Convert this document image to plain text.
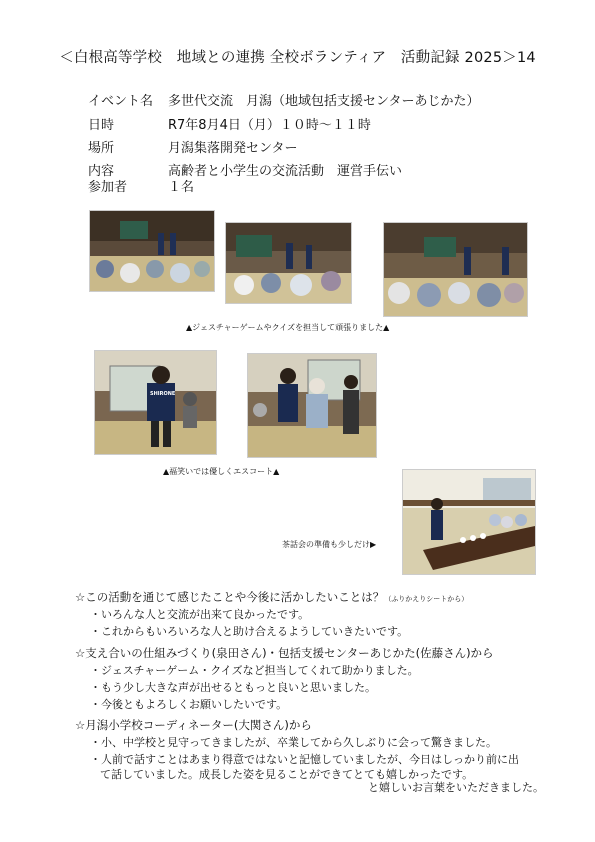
＜白根高等学校　地域との連携 全校ボランティア　活動記録 2025＞14
イベント名 多世代交流　月潟（地域包括支援センターあじかた）
日時	R7年8月4日（月）１０時～１１時
場所	月潟集落開発センター
内容	高齢者と小学生の交流活動　運営手伝い
参加者	１名
▲ジェスチャーゲームやクイズを担当して頑張りました▲
SHIRONE
▲福笑いでは優しくエスコート▲
茶話会の準備も少しだけ▶
☆この活動を通じて感じたことや今後に活かしたいことは？（ふりかえりシートから）
・いろんな人と交流が出来て良かったです。
・これからもいろいろな人と助け合えるようしていきたいです。
☆支え合いの仕組みづくり(泉田さん)・包括支援センターあじかた(佐藤さん)から
・ジェスチャーゲーム・クイズなど担当してくれて助かりました。
・もう少し大きな声が出せるともっと良いと思いました。
・今後ともよろしくお願いしたいです。
☆月潟小学校コーディネーター(大関さん)から
・小、中学校と見守ってきましたが、卒業してから久しぶりに会って驚きました。
・人前で話すことはあまり得意ではないと記憶していましたが、今日はしっかり前に出
て話していました。成長した姿を見ることができてとても嬉しかったです。
と嬉しいお言葉をいただきました。
